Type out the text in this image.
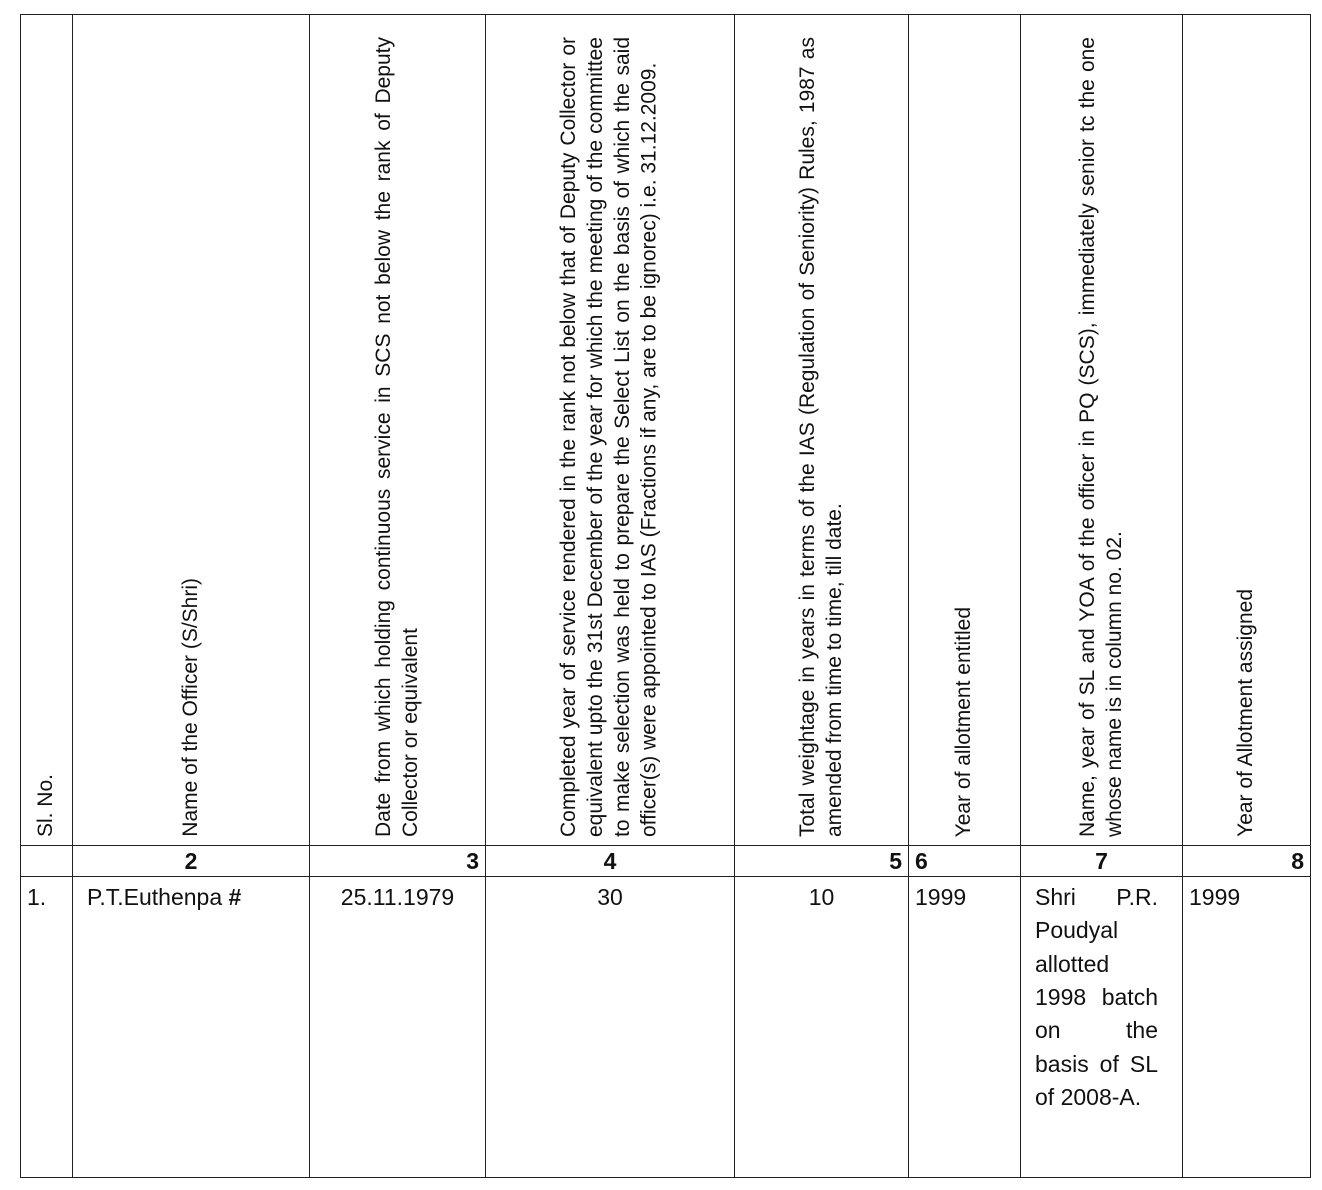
Sl. No.	Name of the Officer (S/Shri)	Date from which holding continuous service in SCS not below the rank of Deputy Collector or equivalent	Completed year of service rendered in the rank not below that of Deputy Collector or equivalent upto the 31st December of the year for which the meeting of the committee to make selection was held to prepare the Select List on the basis of which the said officer(s) were appointed to IAS (Fractions if any, are to be ignorec) i.e. 31.12.2009.	Total weightage in years in terms of the IAS (Regulation of Seniority) Rules, 1987 as amended from time to time, till date.	Year of allotment entitled	Name, year of SL and YOA of the officer in PQ (SCS), immediately senior tc the one whose name is in column no. 02.	Year of Allotment assigned

	2	3	4	5	6	7	8
1.	P.T.Euthenpa #	25.11.1979	30	10	1999	Shri P.R. Poudyal allotted 1998 batch on the basis of SL of 2008-A.	1999
